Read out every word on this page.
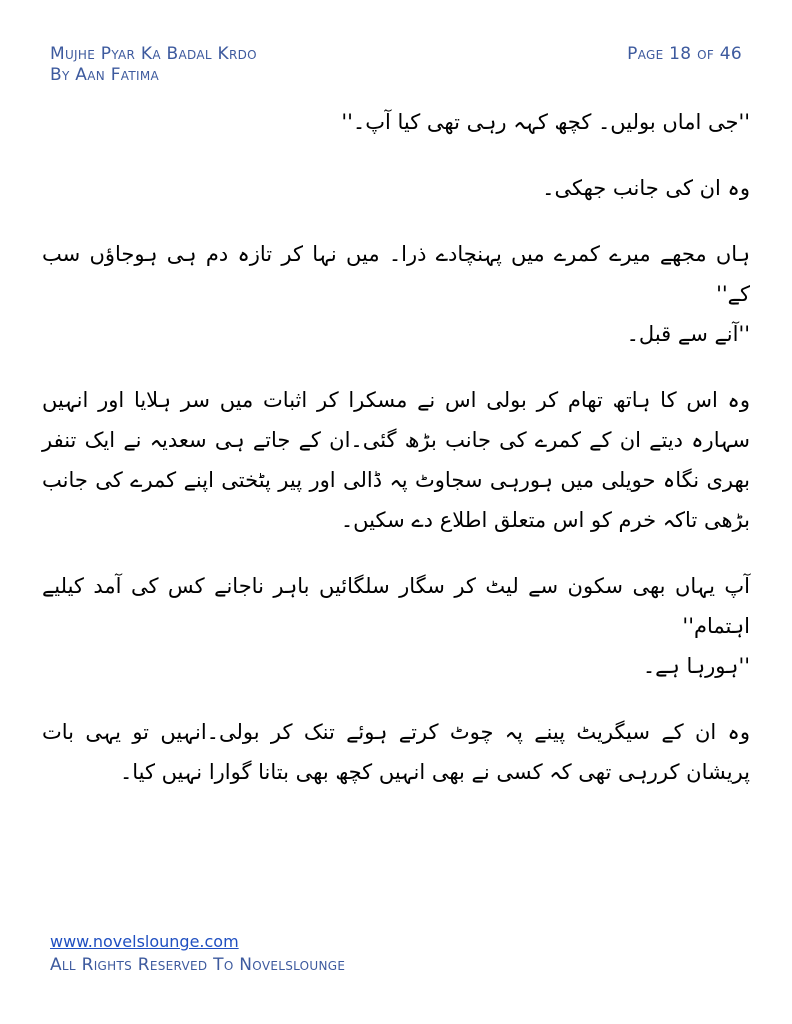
Mujhe Pyar Ka Badal Krdo
By Aan Fatima
Page 18 of 46

''جی اماں بولیں۔ کچھ کہہ رہی تھی کیا آپ۔''

وہ ان کی جانب جھکی۔

ہاں مجھے میرے کمرے میں پہنچادے ذرا۔ میں نہا کر تازہ دم ہی ہوجاؤں سب کے''

''آنے سے قبل۔

وہ اس کا ہاتھ تھام کر بولی اس نے مسکرا کر اثبات میں سر ہلایا اور انہیں سہارہ دیتے ان کے کمرے کی جانب بڑھ گئی۔ان کے جاتے ہی سعدیہ نے ایک تنفر بھری نگاہ حویلی میں ہورہی سجاوٹ پہ ڈالی اور پیر پٹختی اپنے کمرے کی جانب بڑھی تاکہ خرم کو اس متعلق اطلاع دے سکیں۔

آپ یہاں بھی سکون سے لیٹ کر سگار سلگائیں باہر ناجانے کس کی آمد کیلیے اہتمام''

''ہورہا ہے۔

وہ ان کے سیگریٹ پینے پہ چوٹ کرتے ہوئے تنک کر بولی۔انہیں تو یہی بات پریشان کررہی تھی کہ کسی نے بھی انہیں کچھ بھی بتانا گوارا نہیں کیا۔

www.novelslounge.com
All Rights Reserved To Novelslounge
